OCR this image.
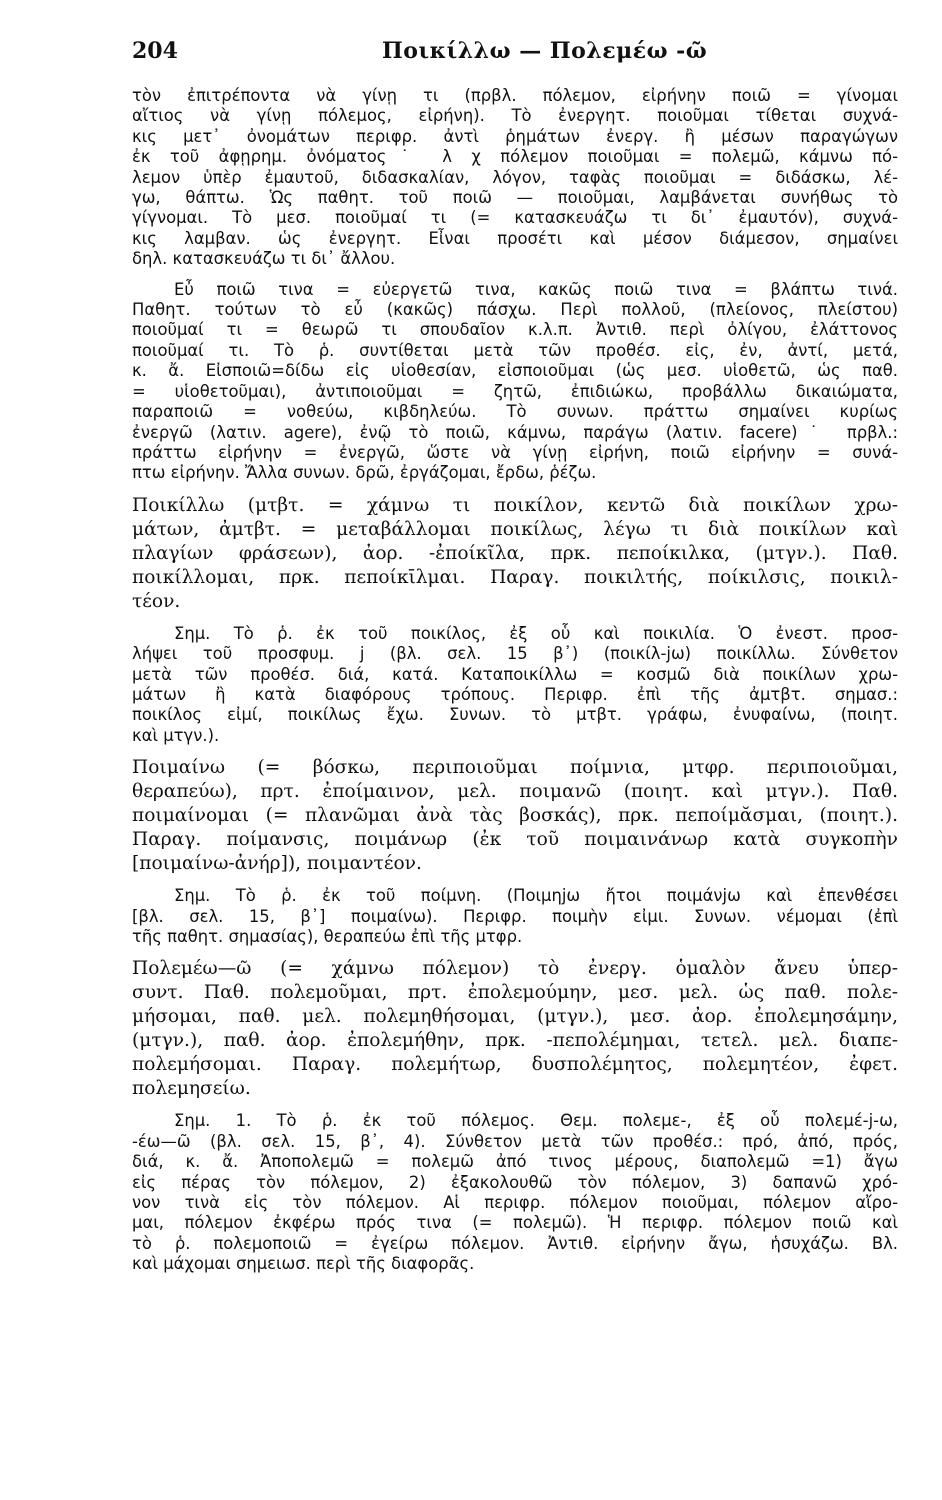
204	Ποικίλλω — Πολεμέω -ῶ

τὸν ἐπιτρέποντα νὰ γίνῃ τι (πρβλ. πόλεμον, εἰρήνην ποιῶ = γίνομαι

αἴτιος νὰ γίνῃ πόλεμος, εἰρήνη). Τὸ ἐνεργητ. ποιοῦμαι τίθεται συχνά-

κις μετ᾽ ὀνομάτων περιφρ. ἀντὶ ῥημάτων ἐνεργ. ἢ μέσων παραγώγων

ἐκ τοῦ ἀφῃρημ. ὀνόματος˙ λ χ πόλεμον ποιοῦμαι = πολεμῶ, κάμνω πό-

λεμον ὑπὲρ ἐμαυτοῦ, διδασκαλίαν, λόγον, ταφὰς ποιοῦμαι = διδάσκω, λέ-

γω, θάπτω. Ὡς παθητ. τοῦ ποιῶ — ποιοῦμαι, λαμβάνεται συνήθως τὸ

γίγνομαι. Τὸ μεσ. ποιοῦμαί τι (= κατασκευάζω τι δι᾽ ἐμαυτόν), συχνά-

κις λαμβαν. ὡς ἐνεργητ. Εἶναι προσέτι καὶ μέσον διάμεσον, σημαίνει

δηλ. κατασκευάζω τι δι᾽ ἄλλου.

Εὖ ποιῶ τινα = εὐεργετῶ τινα, κακῶς ποιῶ τινα = βλάπτω τινά.

Παθητ. τούτων τὸ εὖ (κακῶς) πάσχω. Περὶ πολλοῦ, (πλείονος, πλείστου)

ποιοῦμαί τι = θεωρῶ τι σπουδαῖον κ.λ.π. Ἀντιθ. περὶ ὀλίγου, ἐλάττονος

ποιοῦμαί τι. Τὸ ῥ. συντίθεται μετὰ τῶν προθέσ. εἰς, ἐν, ἀντί, μετά,

κ. ἄ. Εἰσποιῶ=δίδω εἰς υἱοθεσίαν, εἰσποιοῦμαι (ὡς μεσ. υἱοθετῶ, ὡς παθ.

= υἱοθετοῦμαι), ἀντιποιοῦμαι = ζητῶ, ἐπιδιώκω, προβάλλω δικαιώματα,

παραποιῶ = νοθεύω, κιβδηλεύω. Τὸ συνων. πράττω σημαίνει κυρίως

ἐνεργῶ (λατιν. agere), ἐνῷ τὸ ποιῶ, κάμνω, παράγω (λατιν. facere)˙ πρβλ.:

πράττω εἰρήνην = ἐνεργῶ, ὥστε νὰ γίνῃ εἰρήνη, ποιῶ εἰρήνην = συνά-

πτω εἰρήνην. Ἄλλα συνων. δρῶ, ἐργάζομαι, ἔρδω, ῥέζω.

Ποικίλλω (μτβτ. = χάμνω τι ποικίλον, κεντῶ διὰ ποικίλων χρω-

μάτων, ἀμτβτ. = μεταβάλλομαι ποικίλως, λέγω τι διὰ ποικίλων καὶ

πλαγίων φράσεων), ἀορ. -ἐποίκῖλα, πρκ. πεποίκιλκα, (μτγν.). Παθ.

ποικίλλομαι, πρκ. πεποίκῑλμαι. Παραγ. ποικιλτής, ποίκιλσις, ποικιλ-

τέον.

Σημ. Τὸ ῥ. ἐκ τοῦ ποικίλος, ἐξ οὗ καὶ ποικιλία. Ὁ ἐνεστ. προσ-

λήψει τοῦ προσφυμ. j (βλ. σελ. 15 β᾽) (ποικίλ-jω) ποικίλλω. Σύνθετον

μετὰ τῶν προθέσ. διά, κατά. Καταποικίλλω = κοσμῶ διὰ ποικίλων χρω-

μάτων ἢ κατὰ διαφόρους τρόπους. Περιφρ. ἐπὶ τῆς ἀμτβτ. σημασ.:

ποικίλος εἰμί, ποικίλως ἔχω. Συνων. τὸ μτβτ. γράφω, ἐνυφαίνω, (ποιητ.

καὶ μτγν.).

Ποιμαίνω (= βόσκω, περιποιοῦμαι ποίμνια, μτφρ. περιποιοῦμαι,

θεραπεύω), πρτ. ἐποίμαινον, μελ. ποιμανῶ (ποιητ. καὶ μτγν.). Παθ.

ποιμαίνομαι (= πλανῶμαι ἀνὰ τὰς βοσκάς), πρκ. πεποίμᾰσμαι, (ποιητ.).

Παραγ. ποίμανσις, ποιμάνωρ (ἐκ τοῦ ποιμαινάνωρ κατὰ συγκοπὴν

[ποιμαίνω-ἀνήρ]), ποιμαντέον.

Σημ. Τὸ ῥ. ἐκ τοῦ ποίμνη. (Ποιμηjω ἤτοι ποιμάνjω καὶ ἐπενθέσει

[βλ. σελ. 15, β᾽] ποιμαίνω). Περιφρ. ποιμὴν εἰμι. Συνων. νέμομαι (ἐπὶ

τῆς παθητ. σημασίας), θεραπεύω ἐπὶ τῆς μτφρ.

Πολεμέω—ῶ (= χάμνω πόλεμον) τὸ ἐνεργ. ὁμαλὸν ἄνευ ὑπερ-

συντ. Παθ. πολεμοῦμαι, πρτ. ἐπολεμούμην, μεσ. μελ. ὡς παθ. πολε-

μήσομαι, παθ. μελ. πολεμηθήσομαι, (μτγν.), μεσ. ἀορ. ἐπολεμησάμην,

(μτγν.), παθ. ἀορ. ἐπολεμήθην, πρκ. -πεπολέμημαι, τετελ. μελ. διαπε-

πολεμήσομαι. Παραγ. πολεμήτωρ, δυσπολέμητος, πολεμητέον, ἐφετ.

πολεμησείω.

Σημ. 1. Τὸ ῥ. ἐκ τοῦ πόλεμος. Θεμ. πολεμε-, ἐξ οὗ πολεμέ-j-ω,

-έω—ῶ (βλ. σελ. 15, β᾽, 4). Σύνθετον μετὰ τῶν προθέσ.: πρό, ἀπό, πρός,

διά, κ. ἄ. Ἀποπολεμῶ = πολεμῶ ἀπό τινος μέρους, διαπολεμῶ =1) ἄγω

εἰς πέρας τὸν πόλεμον, 2) ἐξακολουθῶ τὸν πόλεμον, 3) δαπανῶ χρό-

νον τινὰ εἰς τὸν πόλεμον. Αἱ περιφρ. πόλεμον ποιοῦμαι, πόλεμον αἴρο-

μαι, πόλεμον ἐκφέρω πρός τινα (= πολεμῶ). Ἡ περιφρ. πόλεμον ποιῶ καὶ

τὸ ῥ. πολεμοποιῶ = ἐγείρω πόλεμον. Ἀντιθ. εἰρήνην ἄγω, ἡσυχάζω. Βλ.

καὶ μάχομαι σημειωσ. περὶ τῆς διαφορᾶς.
